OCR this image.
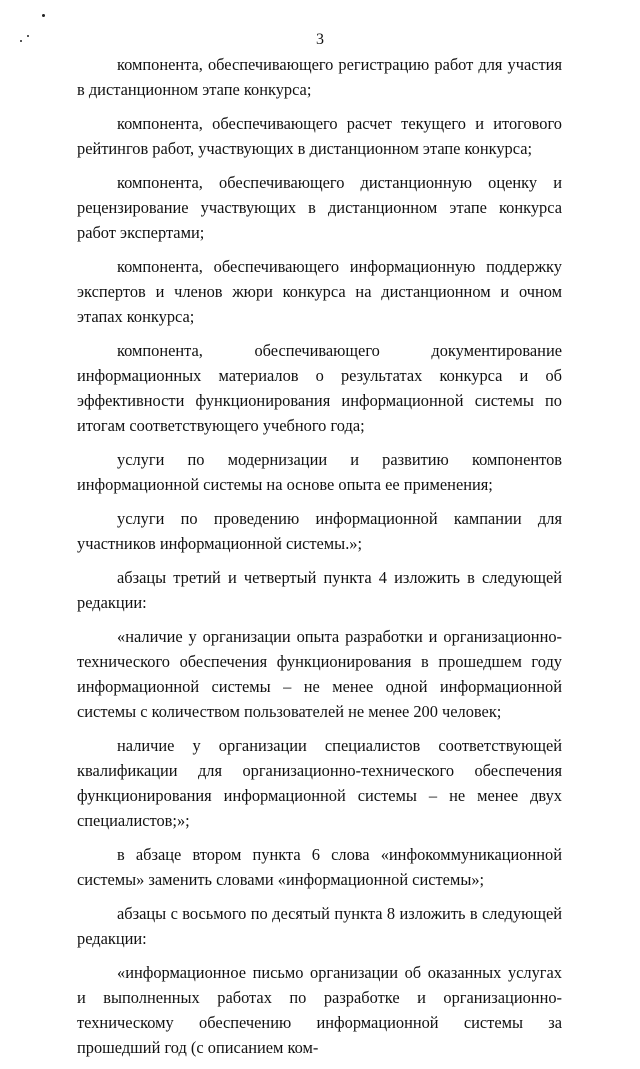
3

компонента, обеспечивающего регистрацию работ для участия в дистанционном этапе конкурса;

компонента, обеспечивающего расчет текущего и итогового рейтингов работ, участвующих в дистанционном этапе конкурса;

компонента, обеспечивающего дистанционную оценку и рецензирование участвующих в дистанционном этапе конкурса работ экспертами;

компонента, обеспечивающего информационную поддержку экспертов и членов жюри конкурса на дистанционном и очном этапах конкурса;

компонента, обеспечивающего документирование информационных материалов о результатах конкурса и об эффективности функционирования информационной системы по итогам соответствующего учебного года;

услуги по модернизации и развитию компонентов информационной системы на основе опыта ее применения;

услуги по проведению информационной кампании для участников информационной системы.»;

абзацы третий и четвертый пункта 4 изложить в следующей редакции:

«наличие у организации опыта разработки и организационно-технического обеспечения функционирования в прошедшем году информационной системы – не менее одной информационной системы с количеством пользователей не менее 200 человек;

наличие у организации специалистов соответствующей квалификации для организационно-технического обеспечения функционирования информационной системы – не менее двух специалистов;»;

в абзаце втором пункта 6 слова «инфокоммуникационной системы» заменить словами «информационной системы»;

абзацы с восьмого по десятый пункта 8 изложить в следующей редакции:

«информационное письмо организации об оказанных услугах и выполненных работах по разработке и организационно-техническому обеспечению информационной системы за прошедший год (с описанием ком-
